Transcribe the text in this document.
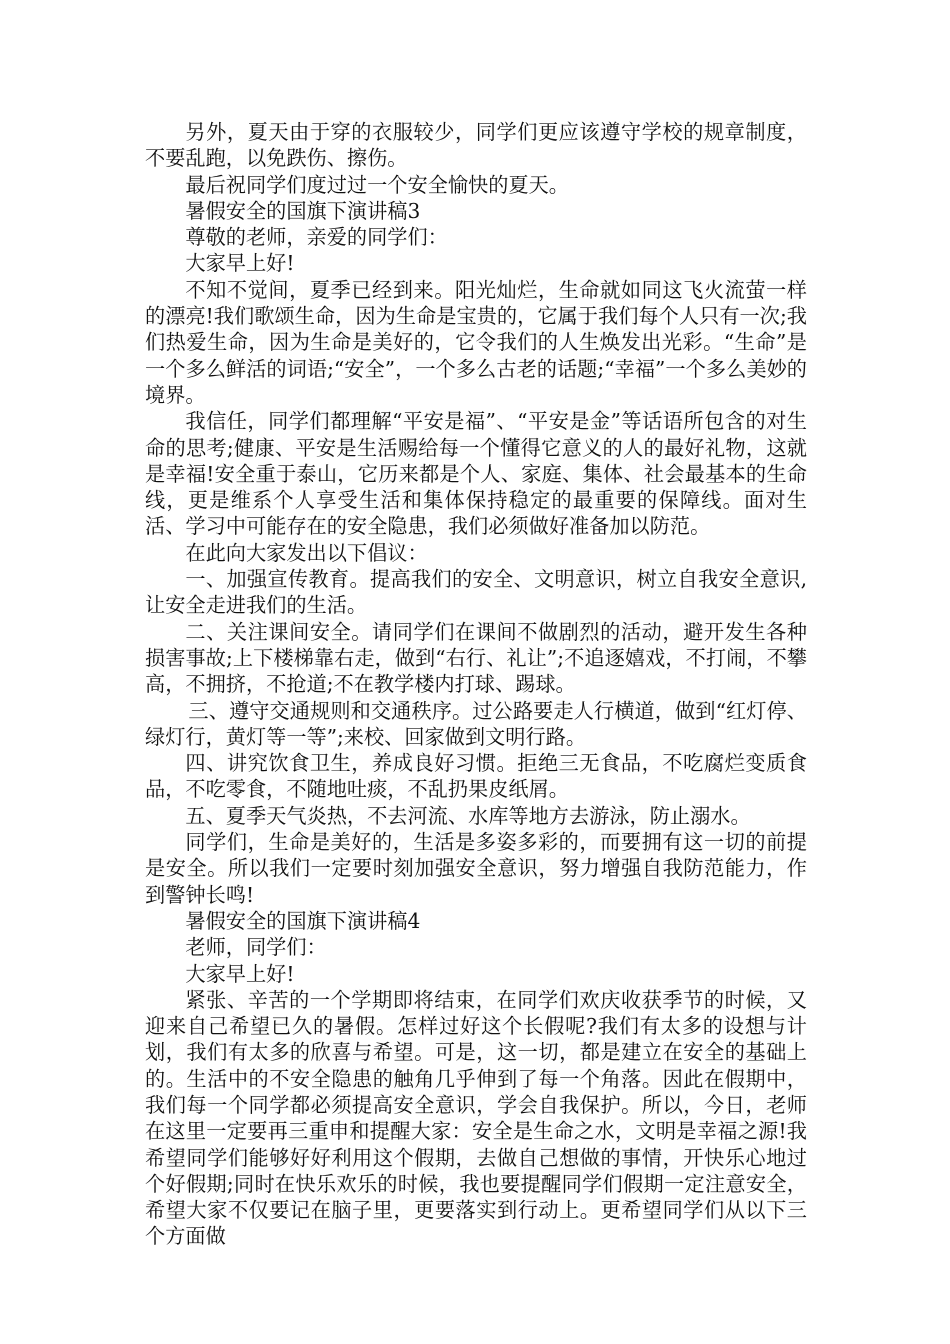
另外，夏天由于穿的衣服较少，同学们更应该遵守学校的规章制度，不要乱跑，以免跌伤、擦伤。

最后祝同学们度过过一个安全愉快的夏天。

暑假安全的国旗下演讲稿3

尊敬的老师，亲爱的同学们：

大家早上好!

不知不觉间，夏季已经到来。阳光灿烂，生命就如同这飞火流萤一样的漂亮!我们歌颂生命，因为生命是宝贵的，它属于我们每个人只有一次;我们热爱生命，因为生命是美好的，它令我们的人生焕发出光彩。“生命”是一个多么鲜活的词语;“安全”，一个多么古老的话题;“幸福”一个多么美妙的境界。

我信任，同学们都理解“平安是福”、“平安是金”等话语所包含的对生命的思考;健康、平安是生活赐给每一个懂得它意义的人的最好礼物，这就是幸福!安全重于泰山，它历来都是个人、家庭、集体、社会最基本的生命线，更是维系个人享受生活和集体保持稳定的最重要的保障线。面对生活、学习中可能存在的安全隐患，我们必须做好准备加以防范。

在此向大家发出以下倡议：

一、加强宣传教育。提高我们的安全、文明意识，树立自我安全意识,让安全走进我们的生活。

二、关注课间安全。请同学们在课间不做剧烈的活动，避开发生各种损害事故;上下楼梯靠右走，做到“右行、礼让”;不追逐嬉戏，不打闹，不攀高，不拥挤，不抢道;不在教学楼内打球、踢球。

三、遵守交通规则和交通秩序。过公路要走人行横道，做到“红灯停、绿灯行，黄灯等一等”;来校、回家做到文明行路。

四、讲究饮食卫生，养成良好习惯。拒绝三无食品，不吃腐烂变质食品，不吃零食，不随地吐痰，不乱扔果皮纸屑。

五、夏季天气炎热，不去河流、水库等地方去游泳，防止溺水。

同学们，生命是美好的，生活是多姿多彩的，而要拥有这一切的前提是安全。所以我们一定要时刻加强安全意识，努力增强自我防范能力，作到警钟长鸣!

暑假安全的国旗下演讲稿4

老师，同学们：

大家早上好!

紧张、辛苦的一个学期即将结束，在同学们欢庆收获季节的时候，又迎来自己希望已久的暑假。怎样过好这个长假呢?我们有太多的设想与计划，我们有太多的欣喜与希望。可是，这一切，都是建立在安全的基础上的。生活中的不安全隐患的触角几乎伸到了每一个角落。因此在假期中，我们每一个同学都必须提高安全意识，学会自我保护。所以，今日，老师在这里一定要再三重申和提醒大家：安全是生命之水，文明是幸福之源!我希望同学们能够好好利用这个假期，去做自己想做的事情，开快乐心地过个好假期;同时在快乐欢乐的时候，我也要提醒同学们假期一定注意安全，希望大家不仅要记在脑子里，更要落实到行动上。更希望同学们从以下三个方面做
